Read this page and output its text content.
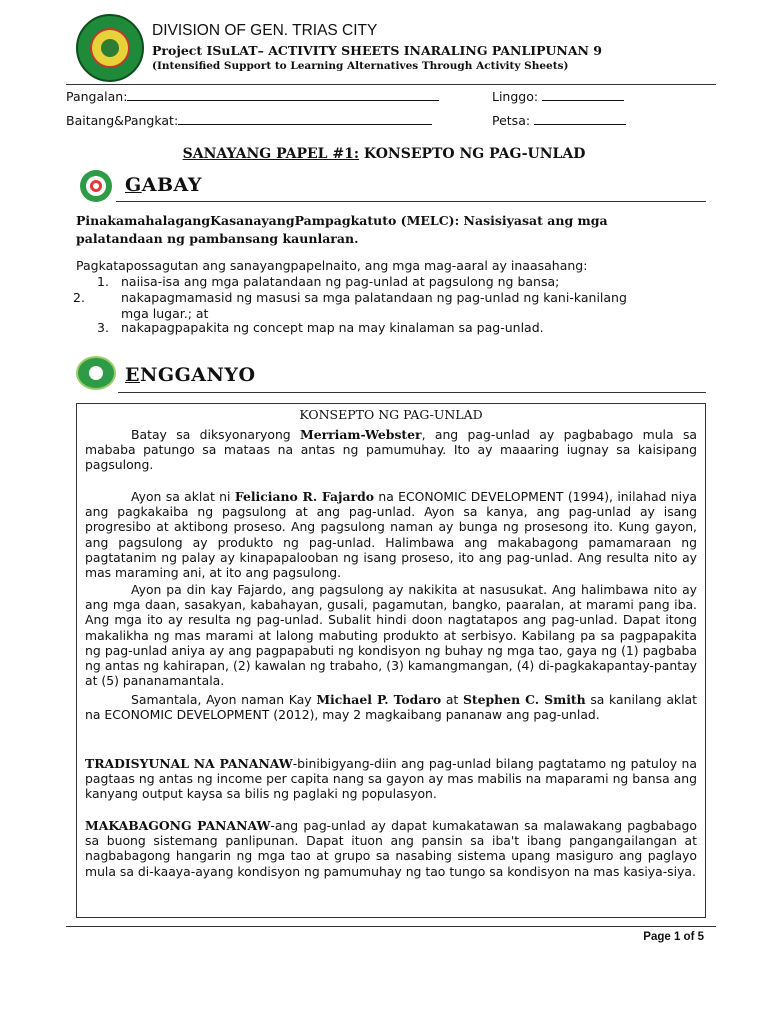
DIVISION OF GEN. TRIAS CITY
Project ISuLAT– ACTIVITY SHEETS INARALING PANLIPUNAN 9
(Intensified Support to Learning Alternatives Through Activity Sheets)
Pangalan:	Linggo:
Baitang&Pangkat:	Petsa:
SANAYANG PAPEL #1: KONSEPTO NG PAG-UNLAD
GABAY
PinakamahalagangKasanayangPampagkatuto (MELC): Nasisiyasat ang mga palatandaan ng pambansang kaunlaran.
Pagkatapossagutan ang sanayangpapelnaito, ang mga mag-aaral ay inaasahang:
1. naiisa-isa ang mga palatandaan ng pag-unlad at pagsulong ng bansa;
2.	nakapagmamasid ng masusi sa mga palatandaan ng pag-unlad ng kani-kanilang mga lugar.; at
3. nakapagpapakita ng concept map na may kinalaman sa pag-unlad.
ENGGANYO
KONSEPTO NG PAG-UNLAD
Batay sa diksyonaryong Merriam-Webster, ang pag-unlad ay pagbabago mula sa mababa patungo sa mataas na antas ng pamumuhay. Ito ay maaaring iugnay sa kaisipang pagsulong.
Ayon sa aklat ni Feliciano R. Fajardo na ECONOMIC DEVELOPMENT (1994), inilahad niya ang pagkakaiba ng pagsulong at ang pag-unlad. Ayon sa kanya, ang pag-unlad ay isang progresibo at aktibong proseso. Ang pagsulong naman ay bunga ng prosesong ito. Kung gayon, ang pagsulong ay produkto ng pag-unlad. Halimbawa ang makabagong pamamaraan ng pagtatanim ng palay ay kinapapalooban ng isang proseso, ito ang pag-unlad. Ang resulta nito ay mas maraming ani, at ito ang pagsulong.
Ayon pa din kay Fajardo, ang pagsulong ay nakikita at nasusukat. Ang halimbawa nito ay ang mga daan, sasakyan, kabahayan, gusali, pagamutan, bangko, paaralan, at marami pang iba. Ang mga ito ay resulta ng pag-unlad. Subalit hindi doon nagtatapos ang pag-unlad. Dapat itong makalikha ng mas marami at lalong mabuting produkto at serbisyo. Kabilang pa sa pagpapakita ng pag-unlad aniya ay ang pagpapabuti ng kondisyon ng buhay ng mga tao, gaya ng (1) pagbaba ng antas ng kahirapan, (2) kawalan ng trabaho, (3) kamangmangan, (4) di-pagkakapantay-pantay at (5) pananamantala.
Samantala, Ayon naman Kay Michael P. Todaro at Stephen C. Smith sa kanilang aklat na ECONOMIC DEVELOPMENT (2012), may 2 magkaibang pananaw ang pag-unlad.
TRADISYUNAL NA PANANAW-binibigyang-diin ang pag-unlad bilang pagtatamo ng patuloy na pagtaas ng antas ng income per capita nang sa gayon ay mas mabilis na maparami ng bansa ang kanyang output kaysa sa bilis ng paglaki ng populasyon.
MAKABAGONG PANANAW-ang pag-unlad ay dapat kumakatawan sa malawakang pagbabago sa buong sistemang panlipunan. Dapat ituon ang pansin sa iba't ibang pangangailangan at nagbabagong hangarin ng mga tao at grupo sa nasabing sistema upang masiguro ang paglayo mula sa di-kaaya-ayang kondisyon ng pamumuhay ng tao tungo sa kondisyon na mas kasiya-siya.
Page 1 of 5
